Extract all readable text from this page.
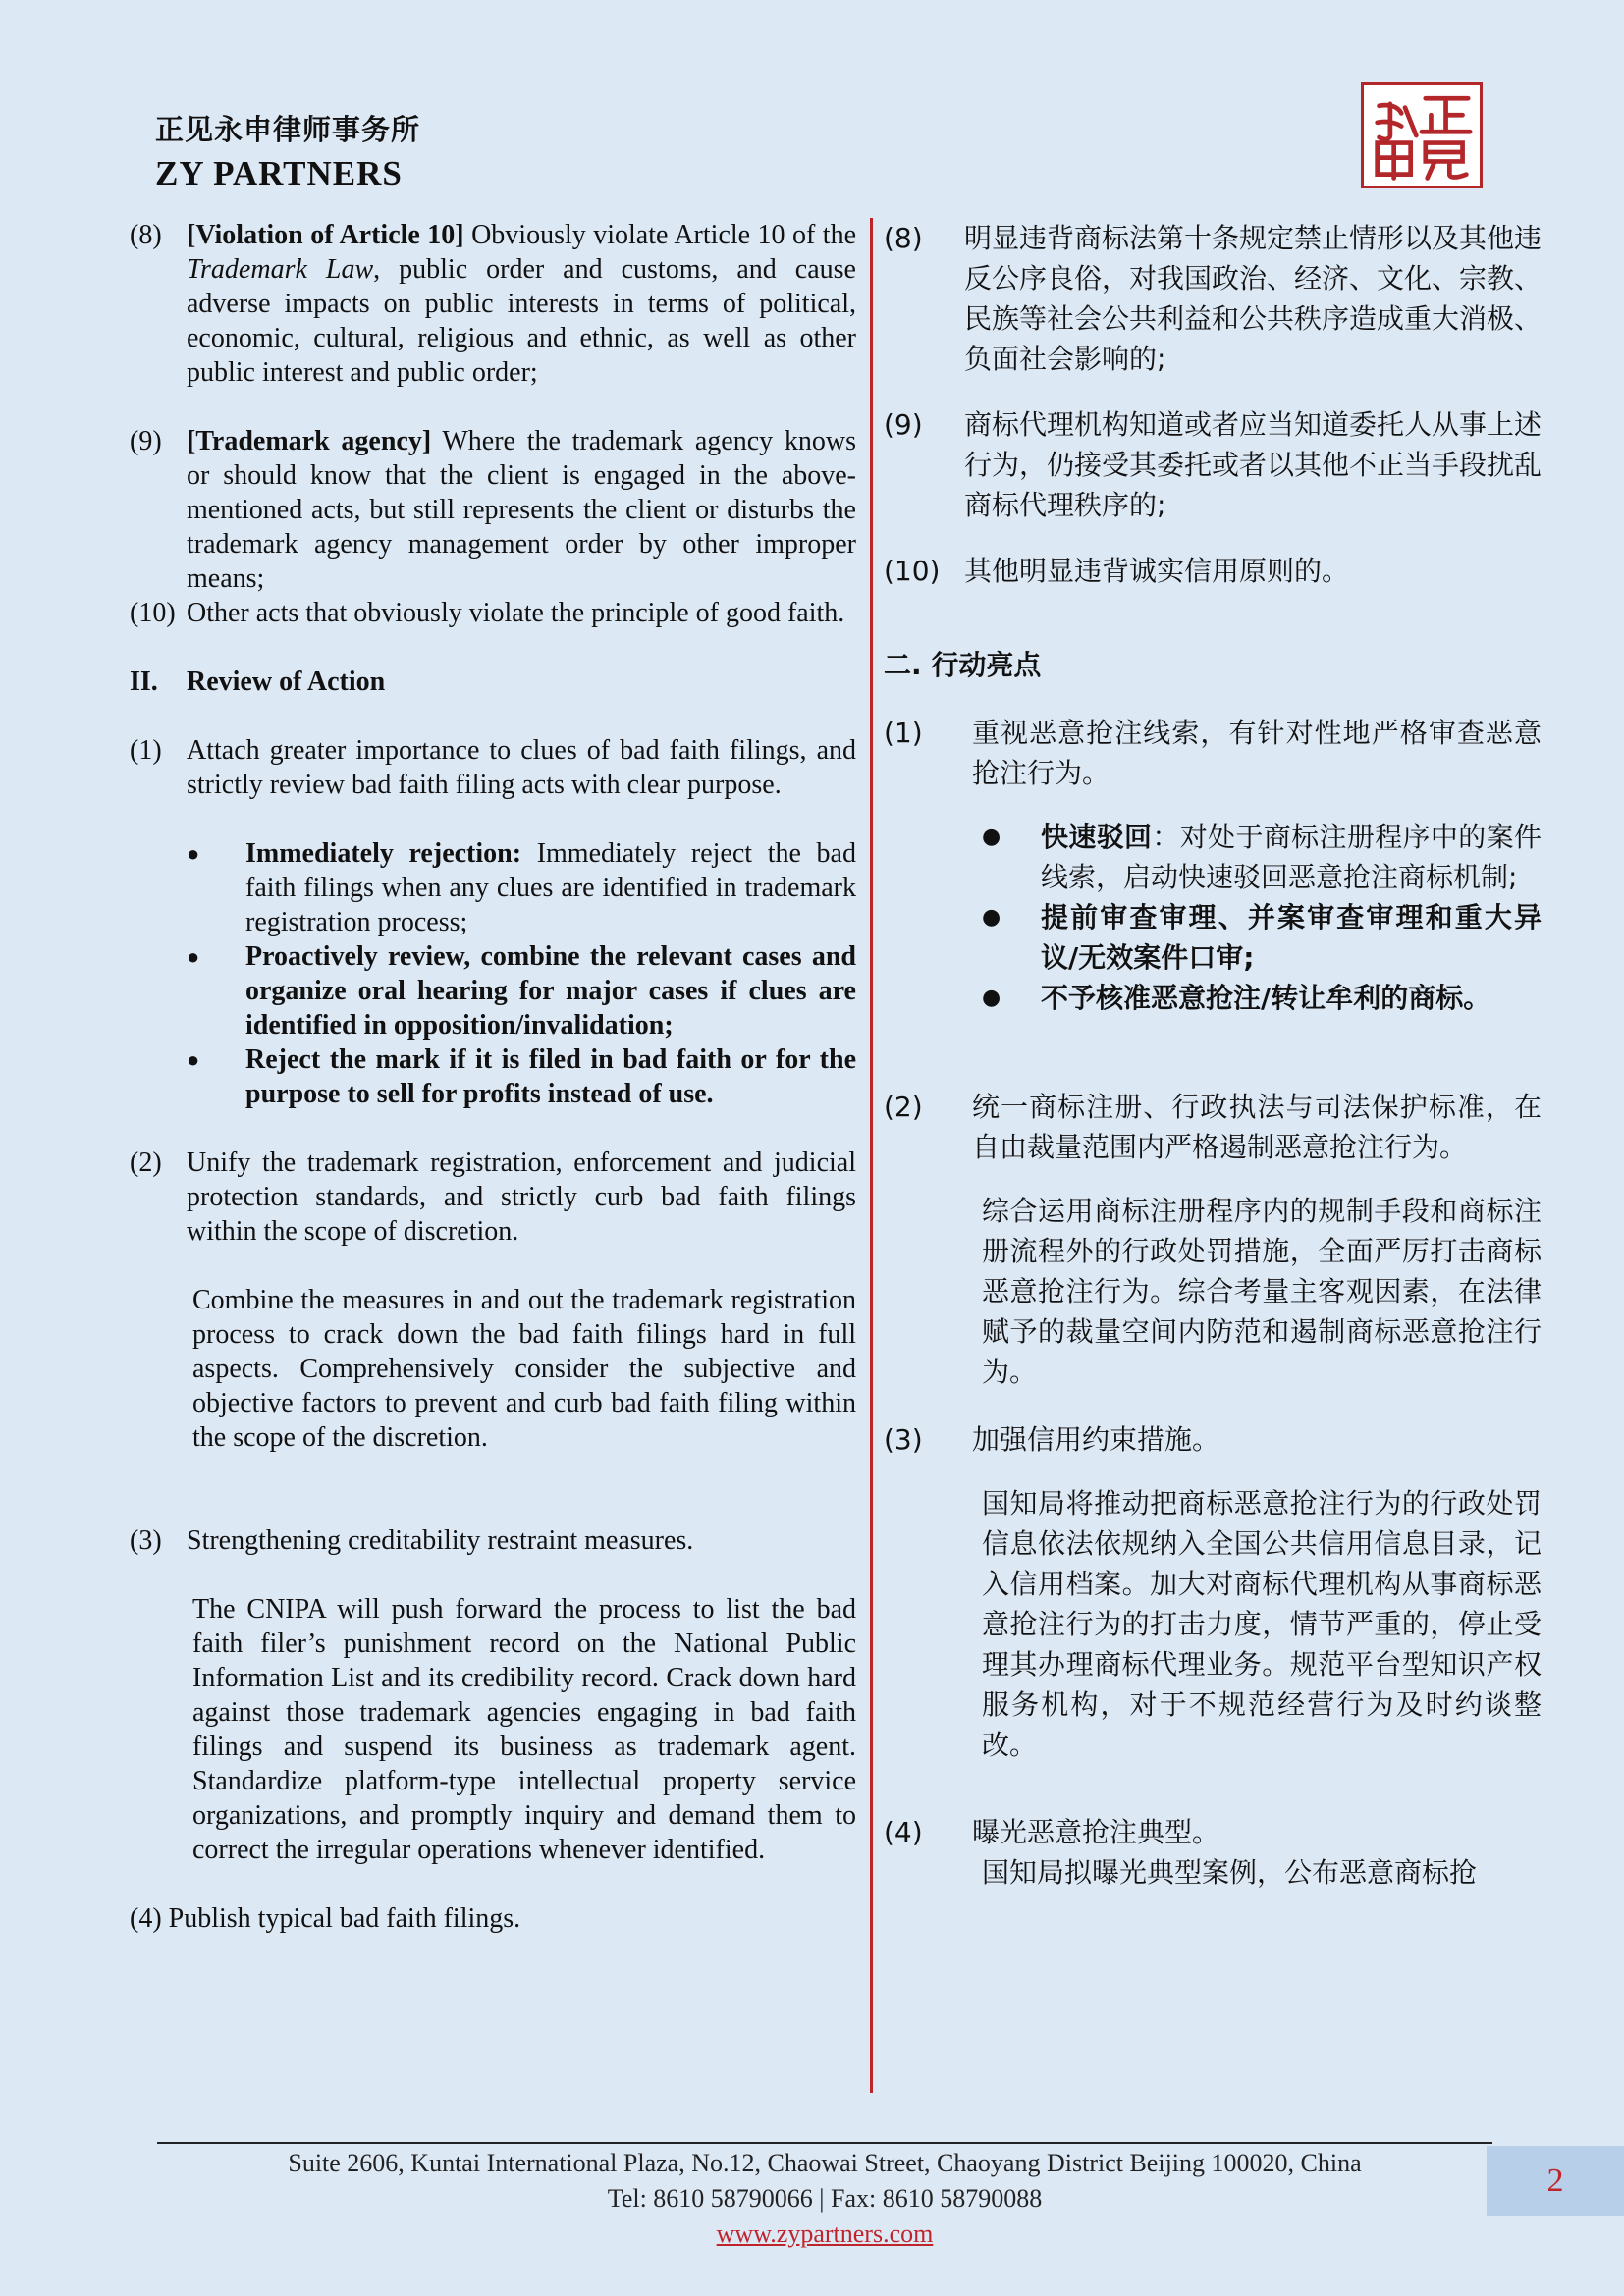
正见永申律师事务所
ZY PARTNERS
(8) [Violation of Article 10] Obviously violate Article 10 of the Trademark Law, public order and customs, and cause adverse impacts on public interests in terms of political, economic, cultural, religious and ethnic, as well as other public interest and public order;
(9) [Trademark agency] Where the trademark agency knows or should know that the client is engaged in the above-mentioned acts, but still represents the client or disturbs the trademark agency management order by other improper means;
(10) Other acts that obviously violate the principle of good faith.
II.	Review of Action
(1) Attach greater importance to clues of bad faith filings, and strictly review bad faith filing acts with clear purpose.
●	Immediately rejection: Immediately reject the bad faith filings when any clues are identified in trademark registration process;
●	Proactively review, combine the relevant cases and organize oral hearing for major cases if clues are identified in opposition/invalidation;
●	Reject the mark if it is filed in bad faith or for the purpose to sell for profits instead of use.
(2) Unify the trademark registration, enforcement and judicial protection standards, and strictly curb bad faith filings within the scope of discretion.
Combine the measures in and out the trademark registration process to crack down the bad faith filings hard in full aspects. Comprehensively consider the subjective and objective factors to prevent and curb bad faith filing within the scope of the discretion.
(3) Strengthening creditability restraint measures.
The CNIPA will push forward the process to list the bad faith filer’s punishment record on the National Public Information List and its credibility record. Crack down hard against those trademark agencies engaging in bad faith filings and suspend its business as trademark agent. Standardize platform-type intellectual property service organizations, and promptly inquiry and demand them to correct the irregular operations whenever identified.
(4) Publish typical bad faith filings.
(8)	明显违背商标法第十条规定禁止情形以及其他违反公序良俗，对我国政治、经济、文化、宗教、民族等社会公共利益和公共秩序造成重大消极、负面社会影响的;
(9)	商标代理机构知道或者应当知道委托人从事上述行为，仍接受其委托或者以其他不正当手段扰乱商标代理秩序的;
(10) 其他明显违背诚实信用原则的。
二. 行动亮点
(1)	重视恶意抢注线索，有针对性地严格审查恶意抢注行为。
●	快速驳回：对处于商标注册程序中的案件线索，启动快速驳回恶意抢注商标机制;
●	提前审查审理、并案审查审理和重大异议/无效案件口审;
●	不予核准恶意抢注/转让牟利的商标。
(2)	统一商标注册、行政执法与司法保护标准，在自由裁量范围内严格遏制恶意抢注行为。
综合运用商标注册程序内的规制手段和商标注册流程外的行政处罚措施，全面严厉打击商标恶意抢注行为。综合考量主客观因素，在法律赋予的裁量空间内防范和遏制商标恶意抢注行为。
(3)	加强信用约束措施。
国知局将推动把商标恶意抢注行为的行政处罚信息依法依规纳入全国公共信用信息目录，记入信用档案。加大对商标代理机构从事商标恶意抢注行为的打击力度，情节严重的，停止受理其办理商标代理业务。规范平台型知识产权服务机构，对于不规范经营行为及时约谈整改。
(4)	曝光恶意抢注典型。
国知局拟曝光典型案例，公布恶意商标抢
Suite 2606, Kuntai International Plaza, No.12, Chaowai Street, Chaoyang District Beijing 100020, China
Tel: 8610 58790066 | Fax: 8610 58790088
www.zypartners.com
2
